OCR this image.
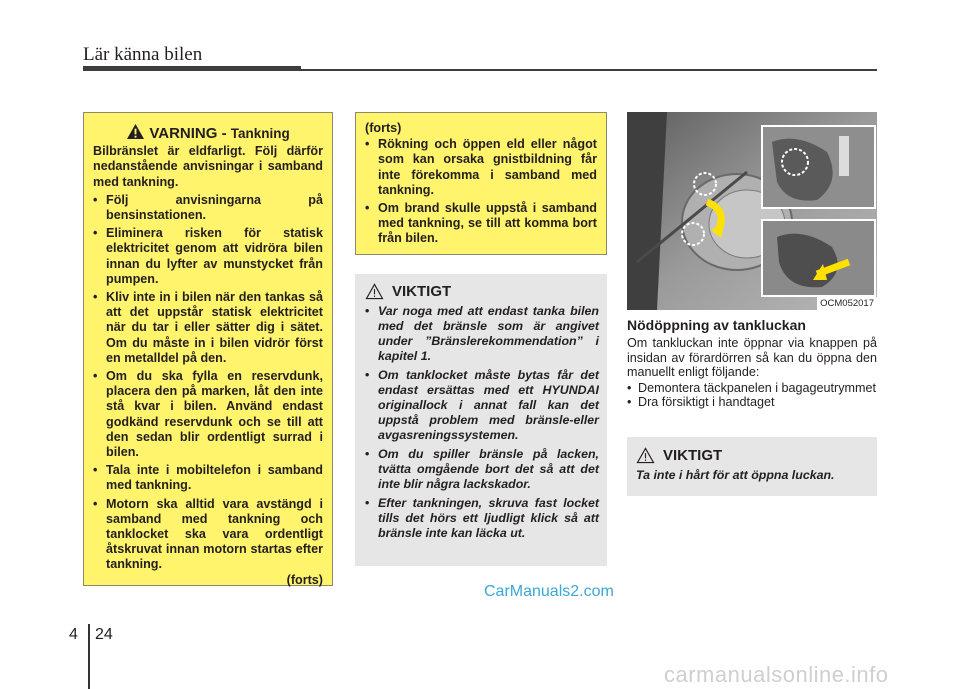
Lär känna bilen
VARNING - Tankning

Bilbränslet är eldfarligt. Följ därför nedanstående anvisningar i samband med tankning.

• Följ anvisningarna på bensinstationen.
• Eliminera risken för statisk elektricitet genom att vidröra bilen innan du lyfter av munstycket från pumpen.
• Kliv inte in i bilen när den tankas så att det uppstår statisk elektricitet när du tar i eller sätter dig i sätet. Om du måste in i bilen vidrör först en metalldel på den.
• Om du ska fylla en reservdunk, placera den på marken, låt den inte stå kvar i bilen. Använd endast godkänd reservdunk och se till att den sedan blir ordentligt surrad i bilen.
• Tala inte i mobiltelefon i samband med tankning.
• Motorn ska alltid vara avstängd i samband med tankning och tanklocket ska vara ordentligt åtskruvat innan motorn startas efter tankning.
(forts)
(forts)
• Rökning och öppen eld eller något som kan orsaka gnistbildning får inte förekomma i samband med tankning.
• Om brand skulle uppstå i samband med tankning, se till att komma bort från bilen.
VIKTIGT
• Var noga med att endast tanka bilen med det bränsle som är angivet under ”Bränslerekommendation” i kapitel 1.
• Om tanklocket måste bytas får det endast ersättas med ett HYUNDAI originallock i annat fall kan det uppstå problem med bränsle-eller avgasreningssystemen.
• Om du spiller bränsle på lacken, tvätta omgående bort det så att det inte blir några lackskador.
• Efter tankningen, skruva fast locket tills det hörs ett ljudligt klick så att bränsle inte kan läcka ut.
OCM052017
Nödöppning av tankluckan

Om tankluckan inte öppnar via knappen på insidan av förardörren så kan du öppna den manuellt enligt följande:

• Demontera täckpanelen i bagageutrymmet
• Dra försiktigt i handtaget
VIKTIGT
Ta inte i hårt för att öppna luckan.
CarManuals2.com
4 24
carmanualsonline.info
